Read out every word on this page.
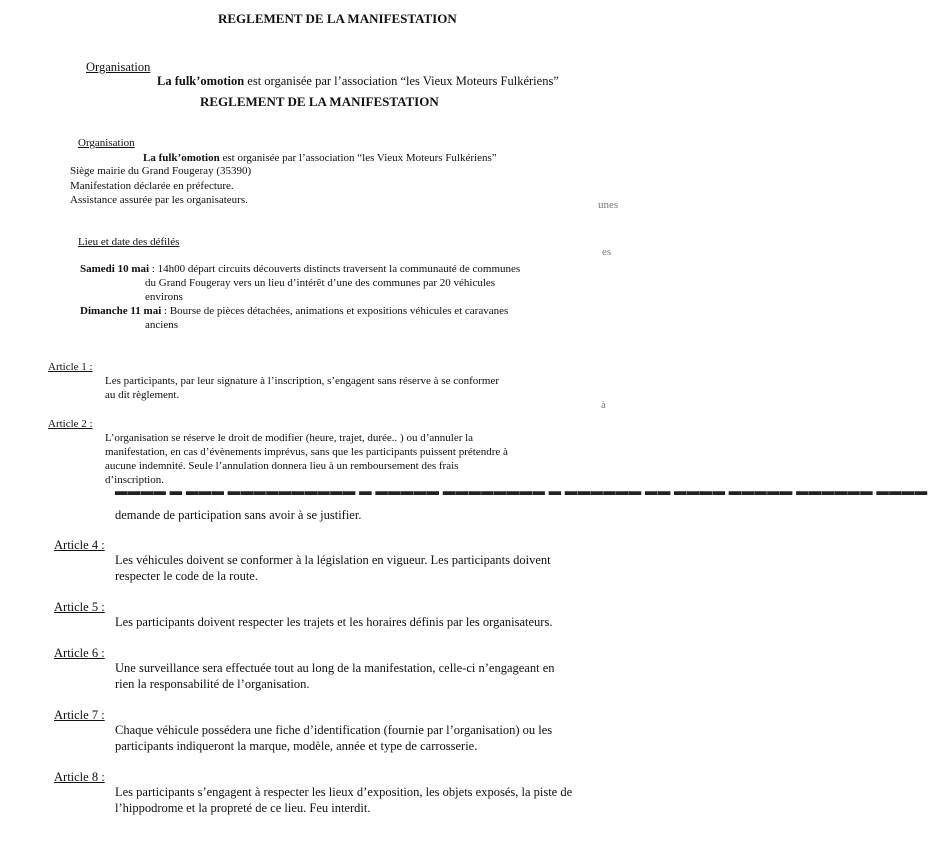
REGLEMENT DE LA MANIFESTATION
Organisation
La fulk’omotion est organisée par l’association “les Vieux Moteurs Fulkériens”
REGLEMENT DE LA MANIFESTATION
Organisation
La fulk’omotion est organisée par l’association “les Vieux Moteurs Fulkériens”
Siège mairie du Grand Fougeray (35390)
Manifestation déclarée en préfecture.
Assistance assurée par les organisateurs.	unes
es
à
Lieu et date des défilés
Samedi 10 mai : 14h00 départ circuits découverts distincts traversent la communauté de communes
du Grand Fougeray vers un lieu d’intérêt d’une des communes par 20 véhicules
environs
Dimanche 11 mai : Bourse de pièces détachées, animations et expositions véhicules et caravanes
anciens
Article 1 :
Les participants, par leur signature à l’inscription, s’engagent sans réserve à se conformer
au dit règlement.
Article 2 :
L’organisation se réserve le droit de modifier (heure, trajet, durée.. ) ou d’annuler la
manifestation, en cas d’évènements imprévus, sans que les participants puissent prétendre à
aucune indemnité. Seule l’annulation donnera lieu à un remboursement des frais
d’inscription.
▬▬▬▬ ▬ ▬▬▬ ▬▬▬▬▬▬▬▬▬▬ ▬ ▬▬▬▬▬ ▬▬▬▬▬▬▬▬ ▬ ▬▬▬▬▬▬ ▬▬ ▬▬▬▬ ▬▬▬▬▬ ▬▬▬▬▬▬ ▬▬▬▬
demande de participation sans avoir à se justifier.
Article 4 :
Les véhicules doivent se conformer à la législation en vigueur. Les participants doivent
respecter le code de la route.
Article 5 :
Les participants doivent respecter les trajets et les horaires définis par les organisateurs.
Article 6 :
Une surveillance sera effectuée tout au long de la manifestation, celle-ci n’engageant en
rien la responsabilité de l’organisation.
Article 7 :
Chaque véhicule possédera une fiche d’identification (fournie par l’organisation) ou les
participants indiqueront la marque, modèle, année et type de carrosserie.
Article 8 :
Les participants s’engagent à respecter les lieux d’exposition, les objets exposés, la piste de
l’hippodrome et la propreté de ce lieu. Feu interdit.
